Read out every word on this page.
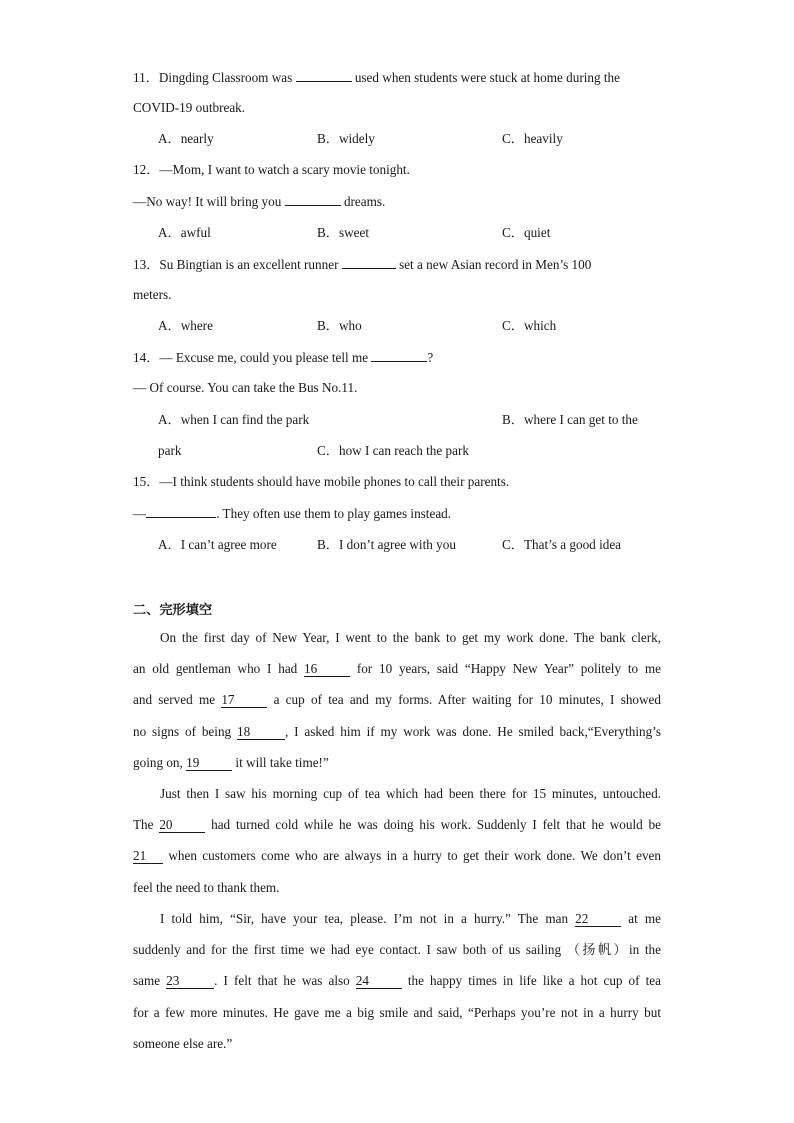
11．Dingding Classroom was	used when students were stuck at home during the
COVID-19 outbreak.
A．nearly	B．widely	C．heavily
12．—Mom, I want to watch a scary movie tonight.
—No way! It will bring you	dreams.
A．awful	B．sweet	C．quiet
13．Su Bingtian is an excellent runner	set a new Asian record in Men’s 100
meters.
A．where	B．who	C．which
14．— Excuse me, could you please tell me	?
— Of course. You can take the Bus No.11.
A．when I can find the park	B．where I can get to the
park	C．how I can reach the park
15．—I think students should have mobile phones to call their parents.
—	. They often use them to play games instead.
A．I can’t agree more	B．I don’t agree with you	C．That’s a good idea
二、完形填空
On the first day of New Year, I went to the bank to get my work done. The bank clerk,
an old gentleman who I had 16 for 10 years, said “Happy New Year” politely to me
and served me 17 a cup of tea and my forms. After waiting for 10 minutes, I showed
no signs of being 18	, I asked him if my work was done. He smiled back,“Everything’s
going on, 19 it will take time!”
Just then I saw his morning cup of tea which had been there for 15 minutes, untouched.
The 20 had turned cold while he was doing his work. Suddenly I felt that he would be
21 when customers come who are always in a hurry to get their work done. We don’t even
feel the need to thank them.
I told him, “Sir, have your tea, please. I’m not in a hurry.” The man 22 at me
suddenly and for the first time we had eye contact. I saw both of us sailing （扬帆）in the
same 23	. I felt that he was also 24 the happy times in life like a hot cup of tea
for a few more minutes. He gave me a big smile and said, “Perhaps you’re not in a hurry but
someone else are.”
